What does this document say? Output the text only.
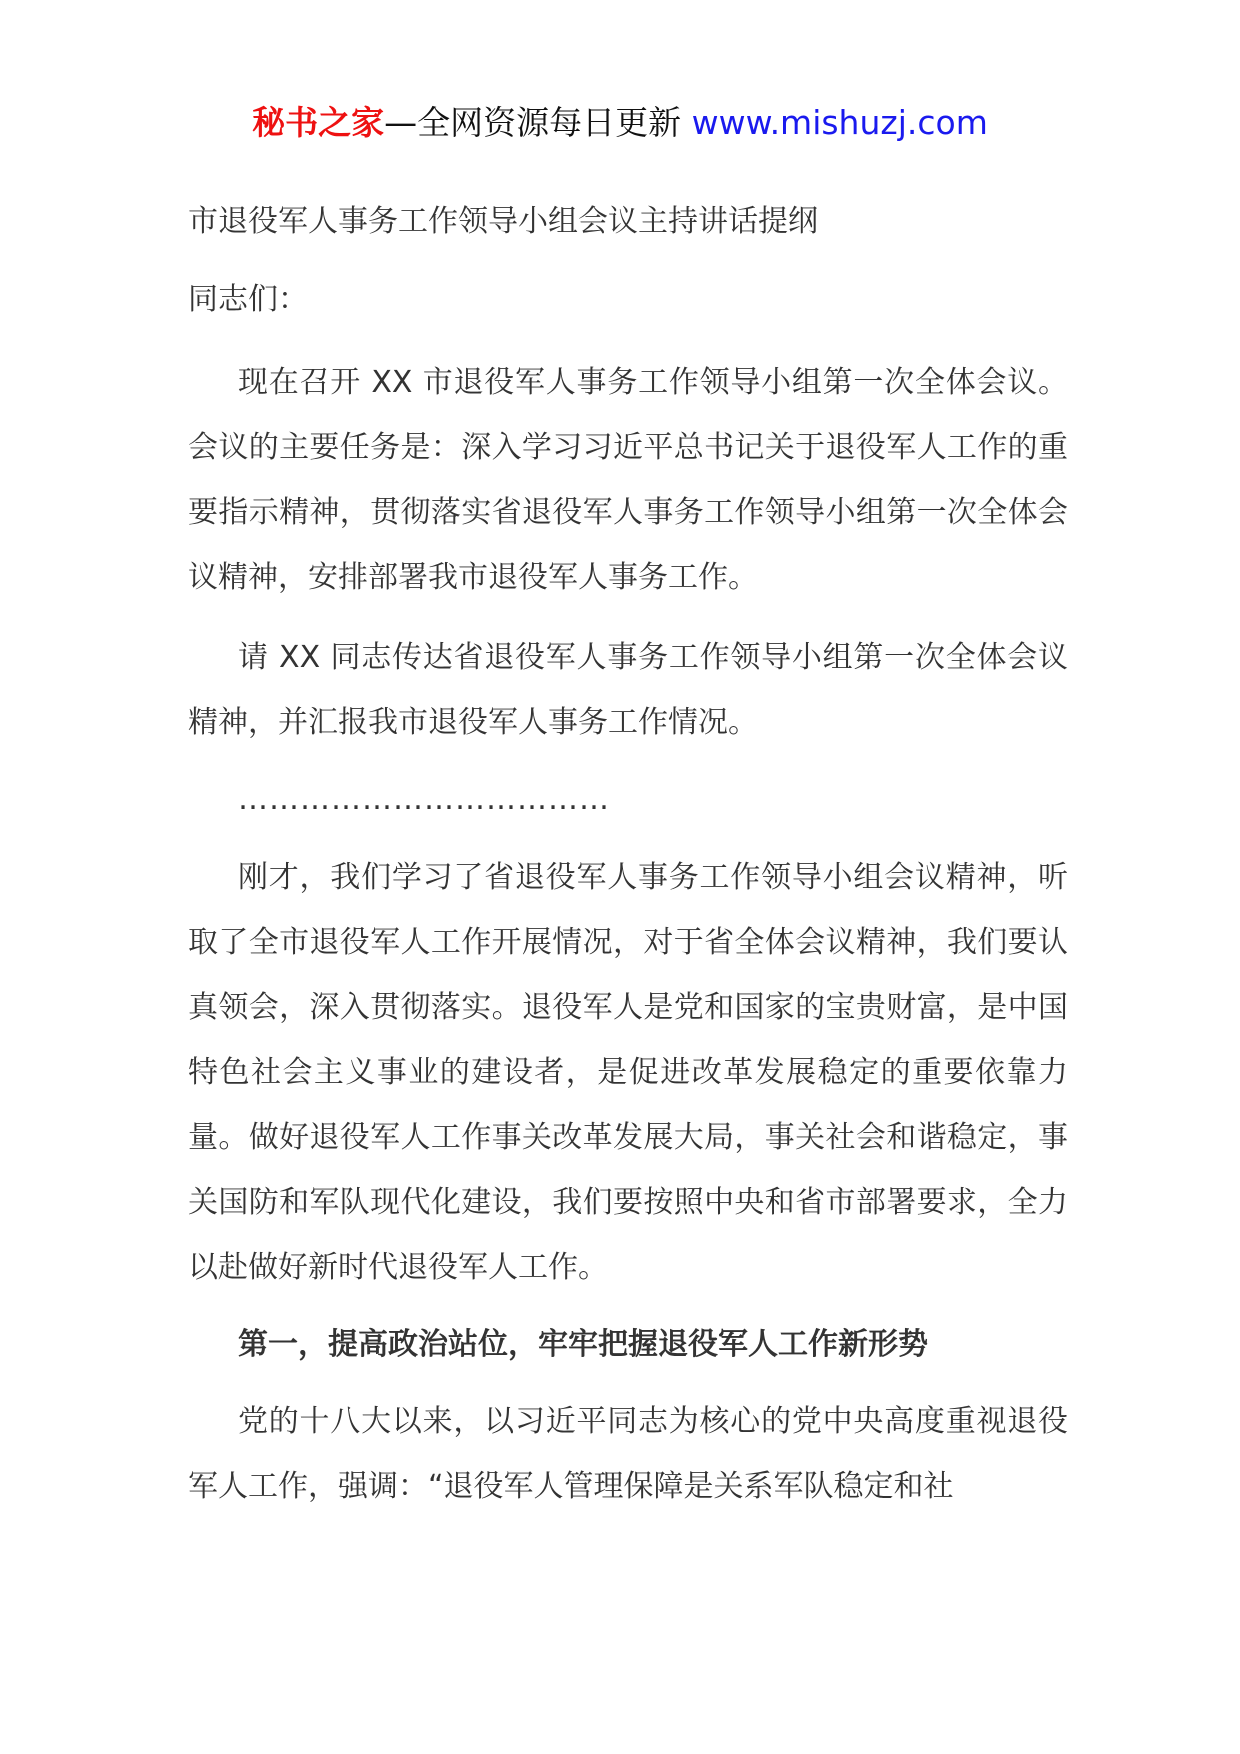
秘书之家—全网资源每日更新 www.mishuzj.com
市退役军人事务工作领导小组会议主持讲话提纲
同志们：

现在召开 XX 市退役军人事务工作领导小组第一次全体会议。会议的主要任务是：深入学习习近平总书记关于退役军人工作的重要指示精神，贯彻落实省退役军人事务工作领导小组第一次全体会议精神，安排部署我市退役军人事务工作。

请 XX 同志传达省退役军人事务工作领导小组第一次全体会议精神，并汇报我市退役军人事务工作情况。

………………………………

刚才，我们学习了省退役军人事务工作领导小组会议精神，听取了全市退役军人工作开展情况，对于省全体会议精神，我们要认真领会，深入贯彻落实。退役军人是党和国家的宝贵财富，是中国特色社会主义事业的建设者，是促进改革发展稳定的重要依靠力量。做好退役军人工作事关改革发展大局，事关社会和谐稳定，事关国防和军队现代化建设，我们要按照中央和省市部署要求，全力以赴做好新时代退役军人工作。

第一，提高政治站位，牢牢把握退役军人工作新形势

党的十八大以来，以习近平同志为核心的党中央高度重视退役军人工作，强调：“退役军人管理保障是关系军队稳定和社
